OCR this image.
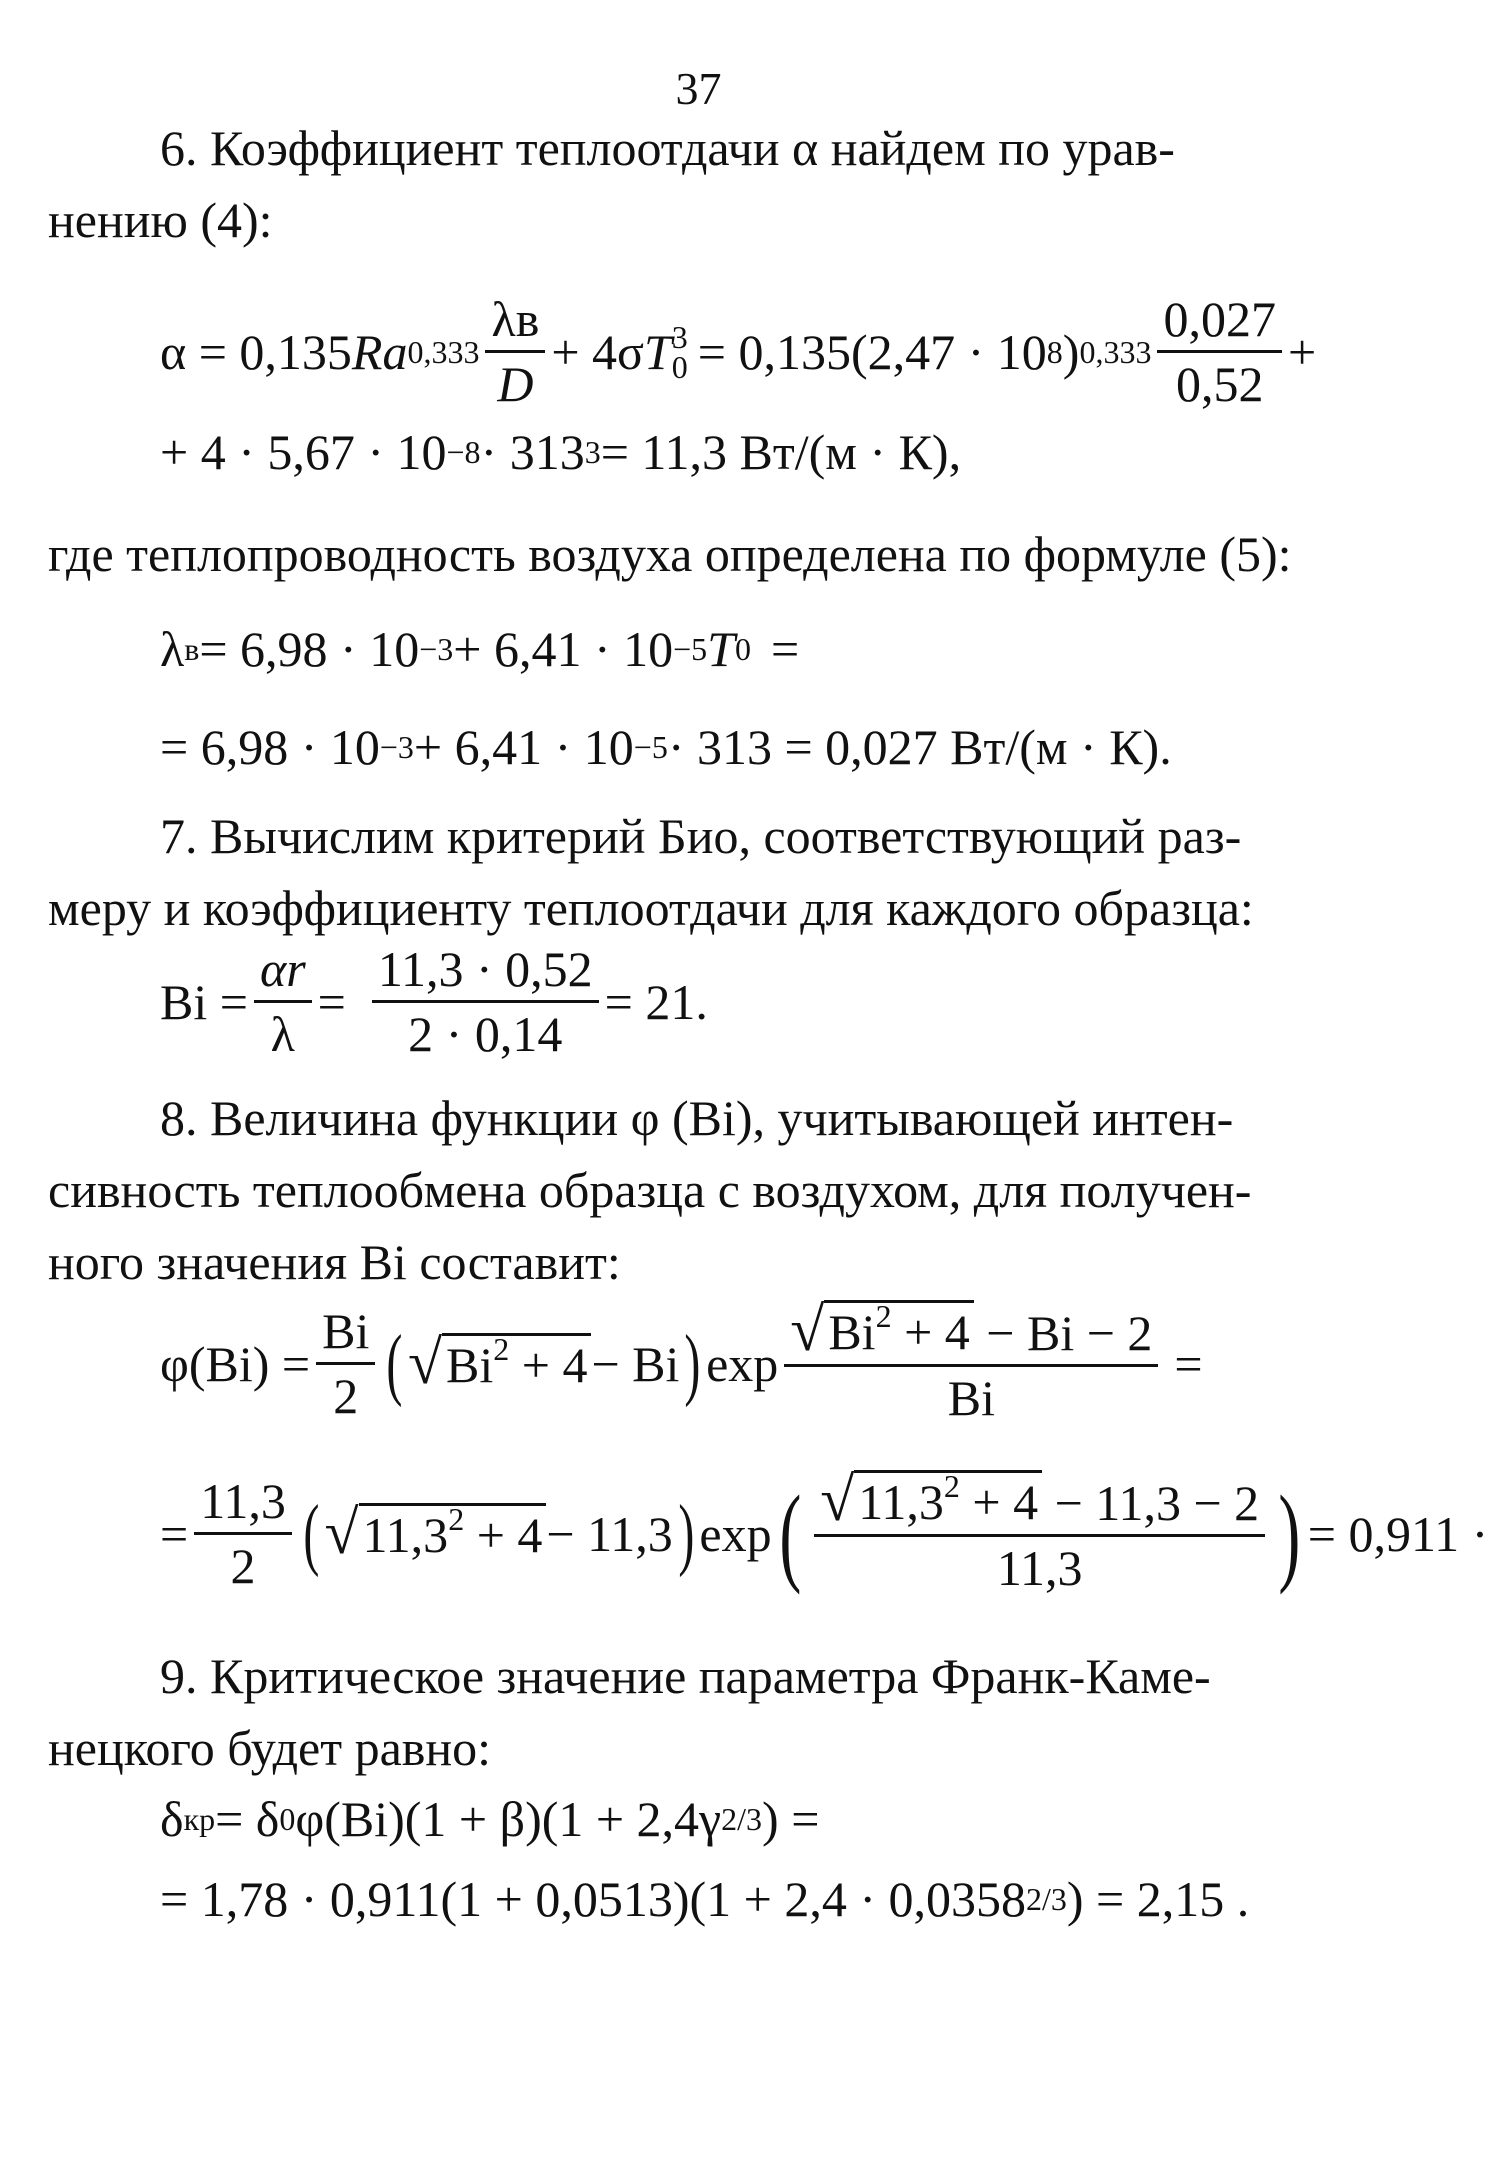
37
6. Коэффициент теплоотдачи α найдем по урав-
нению (4):
α = 0,135 Ra $0,333 \frac{\lambda в}{D} + 4\sigma$ T 3
0 = 0,135(2,47 · 10 8 ) $0,333 \frac{0,027}{0,52}$ +
+ 4 · 5,67 · 10 −8 · 313 3 = 11,3 Вт/(м · К),
где теплопроводность воздуха определена по формуле (5):
λ в = 6,98 · 10 −3 + 6,41 · 10 −5 T 0 =
= 6,98 · 10 −3 + 6,41 · 10 −5 · 313 = 0,027 Вт/(м · К).
7. Вычислим критерий Био, соответствующий раз-
меру и коэффициенту теплоотдачи для каждого образца:
$Bi = \frac{\alpha r}{\lambda} = \frac{11,3 \cdot 0,52}{2 \cdot 0,14} = 21$.
8. Величина функции φ (Bi), учитывающей интен-
сивность теплообмена образца с воздухом, для получен-
ного значения Bi составит:
$\varphi(Bi) = \frac{Bi}{2}$ ( √ $Bi^2 + 4 - Bi$ ) $\exp \frac{√ Bi^2 + 4 - Bi - 2}{Bi}$ =
= $\frac{11,3}{2}$ ( √ $11,3^2 + 4 - 11,3$ ) exp ( $\frac{√ 11,3^2 + 4 - 11,3 - 2}{11,3}$ ) = 0,911 ·
9. Критическое значение параметра Франк-Каме-
нецкого будет равно:
δ кр = δ 0 φ(Bi)(1 + β)(1 + 2,4γ 2/3 ) =
= 1,78 · 0,911(1 + 0,0513)(1 + 2,4 · 0,0358 2/3 ) = 2,15 .
